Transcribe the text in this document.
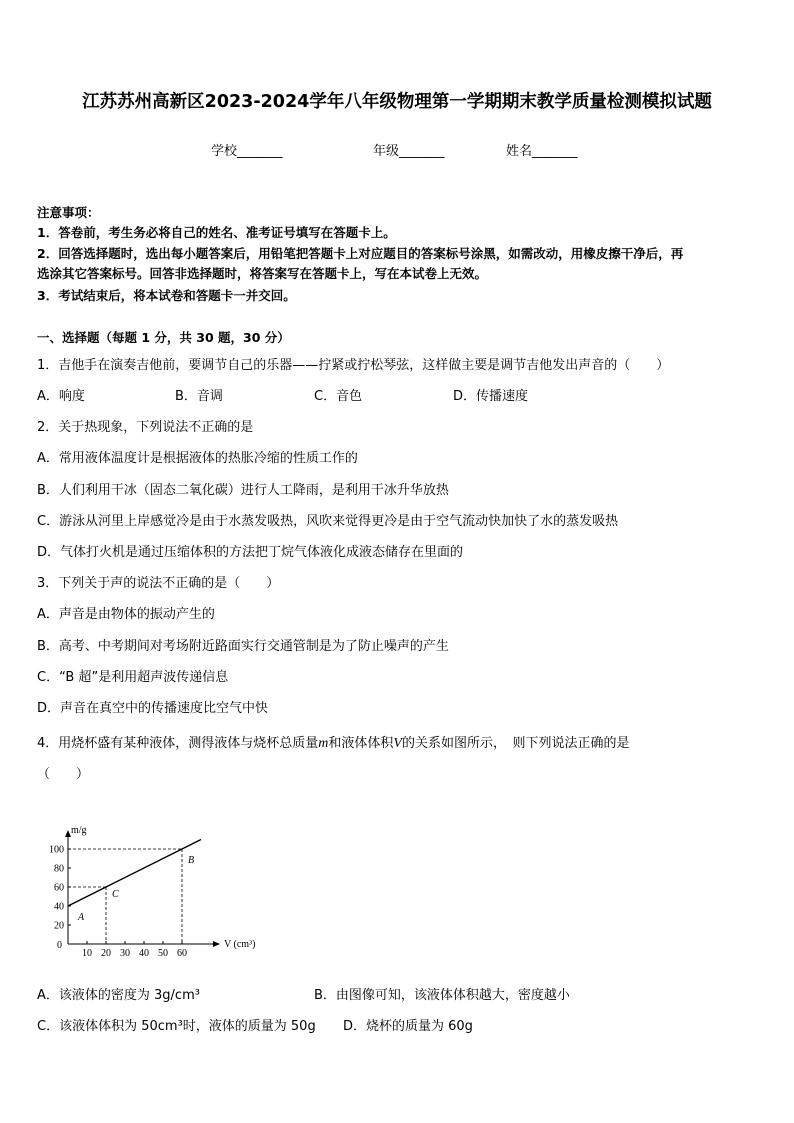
江苏苏州高新区2023-2024学年八年级物理第一学期期末教学质量检测模拟试题
学校_______	年级_______	姓名_______
注意事项：
1．答卷前，考生务必将自己的姓名、准考证号填写在答题卡上。
2．回答选择题时，选出每小题答案后，用铅笔把答题卡上对应题目的答案标号涂黑，如需改动，用橡皮擦干净后，再
选涂其它答案标号。回答非选择题时，将答案写在答题卡上，写在本试卷上无效。
3．考试结束后，将本试卷和答题卡一并交回。
一、选择题（每题 1 分，共 30 题，30 分）
1．吉他手在演奏吉他前，要调节自己的乐器——拧紧或拧松琴弦，这样做主要是调节吉他发出声音的（　　）
A．响度	B．音调	C．音色	D．传播速度
2．关于热现象，下列说法不正确的是
A．常用液体温度计是根据液体的热胀冷缩的性质工作的
B．人们利用干冰（固态二氧化碳）进行人工降雨，是利用干冰升华放热
C．游泳从河里上岸感觉冷是由于水蒸发吸热，风吹来觉得更冷是由于空气流动快加快了水的蒸发吸热
D．气体打火机是通过压缩体积的方法把丁烷气体液化成液态储存在里面的
3．下列关于声的说法不正确的是（　　）
A．声音是由物体的振动产生的
B．高考、中考期间对考场附近路面实行交通管制是为了防止噪声的产生
C．“B 超”是利用超声波传递信息
D．声音在真空中的传播速度比空气中快
4．用烧杯盛有某种液体，测得液体与烧杯总质量m和液体体积V的关系如图所示，　则下列说法正确的是
（　　）
10 20 30 40 50 60
20
40
60
80
100
0
m/g
V (cm³)
A
C
B
A．该液体的密度为 3g/cm³	B．由图像可知，该液体体积越大，密度越小
C．该液体体积为 50cm³时，液体的质量为 50g D．烧杯的质量为 60g
